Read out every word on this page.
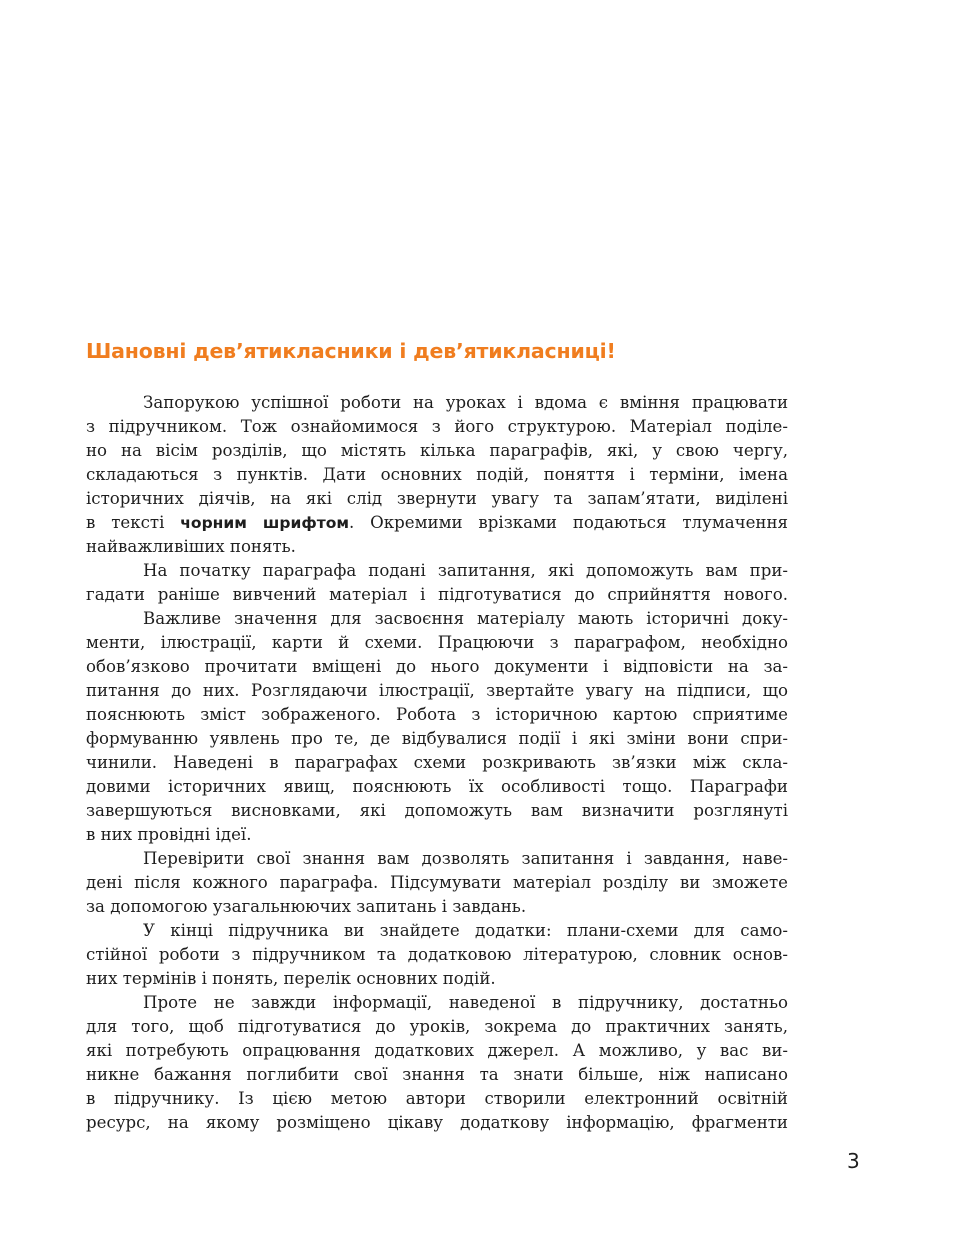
Шановні дев’ятикласники і дев’ятикласниці!
Запорукою успішної роботи на уроках і вдома є вміння працювати
з підручником. Тож ознайомимося з його структурою. Матеріал поділе-
но на вісім розділів, що містять кілька параграфів, які, у свою чергу,
складаються з пунктів. Дати основних подій, поняття і терміни, імена
історичних діячів, на які слід звернути увагу та запам’ятати, виділені
в тексті чорним шрифтом. Окремими врізками подаються тлумачення
найважливіших понять.
На початку параграфа подані запитання, які допоможуть вам при-
гадати раніше вивчений матеріал і підготуватися до сприйняття нового.
Важливе значення для засвоєння матеріалу мають історичні доку-
менти, ілюстрації, карти й схеми. Працюючи з параграфом, необхідно
обов’язково прочитати вміщені до нього документи і відповісти на за-
питання до них. Розглядаючи ілюстрації, звертайте увагу на підписи, що
пояснюють зміст зображеного. Робота з історичною картою сприятиме
формуванню уявлень про те, де відбувалися події і які зміни вони спри-
чинили. Наведені в параграфах схеми розкривають зв’язки між скла-
довими історичних явищ, пояснюють їх особливості тощо. Параграфи
завершуються висновками, які допоможуть вам визначити розглянуті
в них провідні ідеї.
Перевірити свої знання вам дозволять запитання і завдання, наве-
дені після кожного параграфа. Підсумувати матеріал розділу ви зможете
за допомогою узагальнюючих запитань і завдань.
У кінці підручника ви знайдете додатки: плани-схеми для само-
стійної роботи з підручником та додатковою літературою, словник основ-
них термінів і понять, перелік основних подій.
Проте не завжди інформації, наведеної в підручнику, достатньо
для того, щоб підготуватися до уроків, зокрема до практичних занять,
які потребують опрацювання додаткових джерел. А можливо, у вас ви-
никне бажання поглибити свої знання та знати більше, ніж написано
в підручнику. Із цією метою автори створили електронний освітній
ресурс, на якому розміщено цікаву додаткову інформацію, фрагменти
3
